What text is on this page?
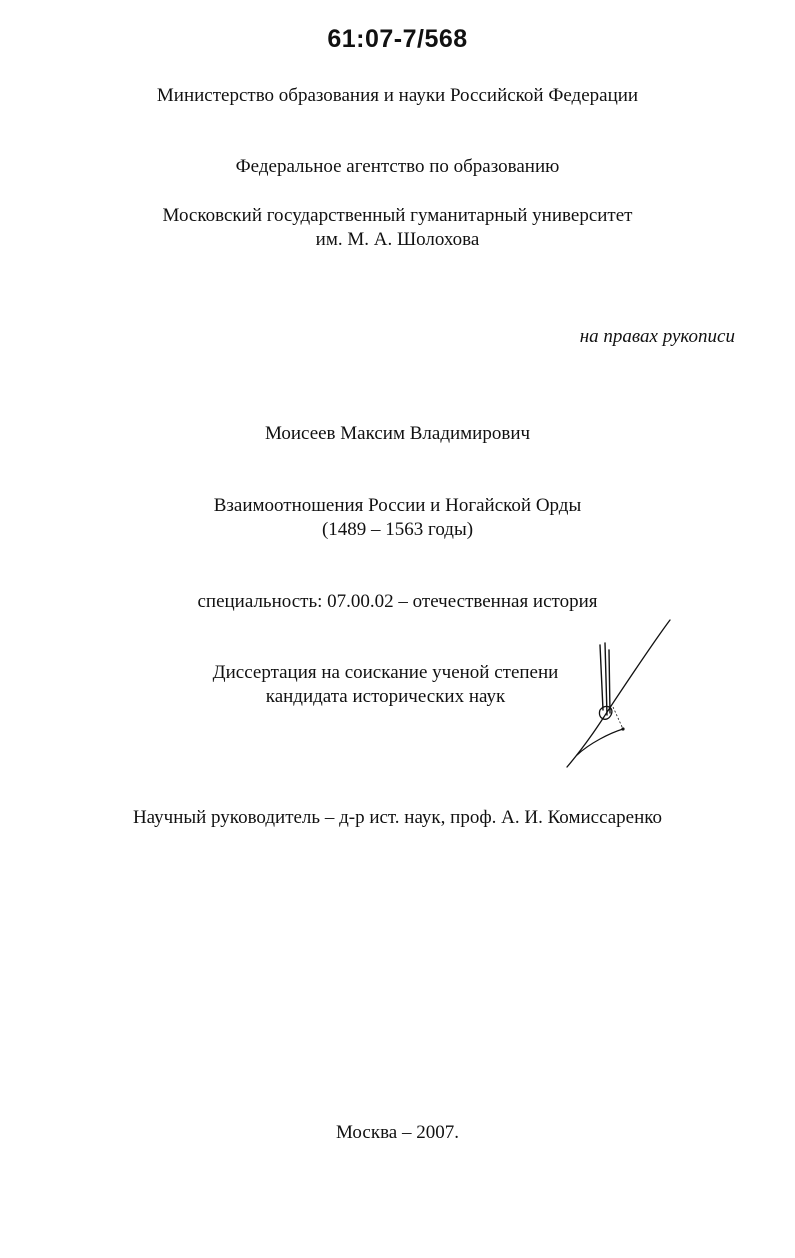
61:07-7/568
Министерство образования и науки Российской Федерации
Федеральное агентство по образованию
Московский государственный гуманитарный университет
им. М. А. Шолохова
на правах рукописи
Моисеев Максим Владимирович
Взаимоотношения России и Ногайской Орды
(1489 – 1563 годы)
специальность: 07.00.02 – отечественная история
Диссертация на соискание ученой степени
кандидата исторических наук
Научный руководитель – д-р ист. наук, проф. А. И. Комиссаренко
Москва – 2007.
